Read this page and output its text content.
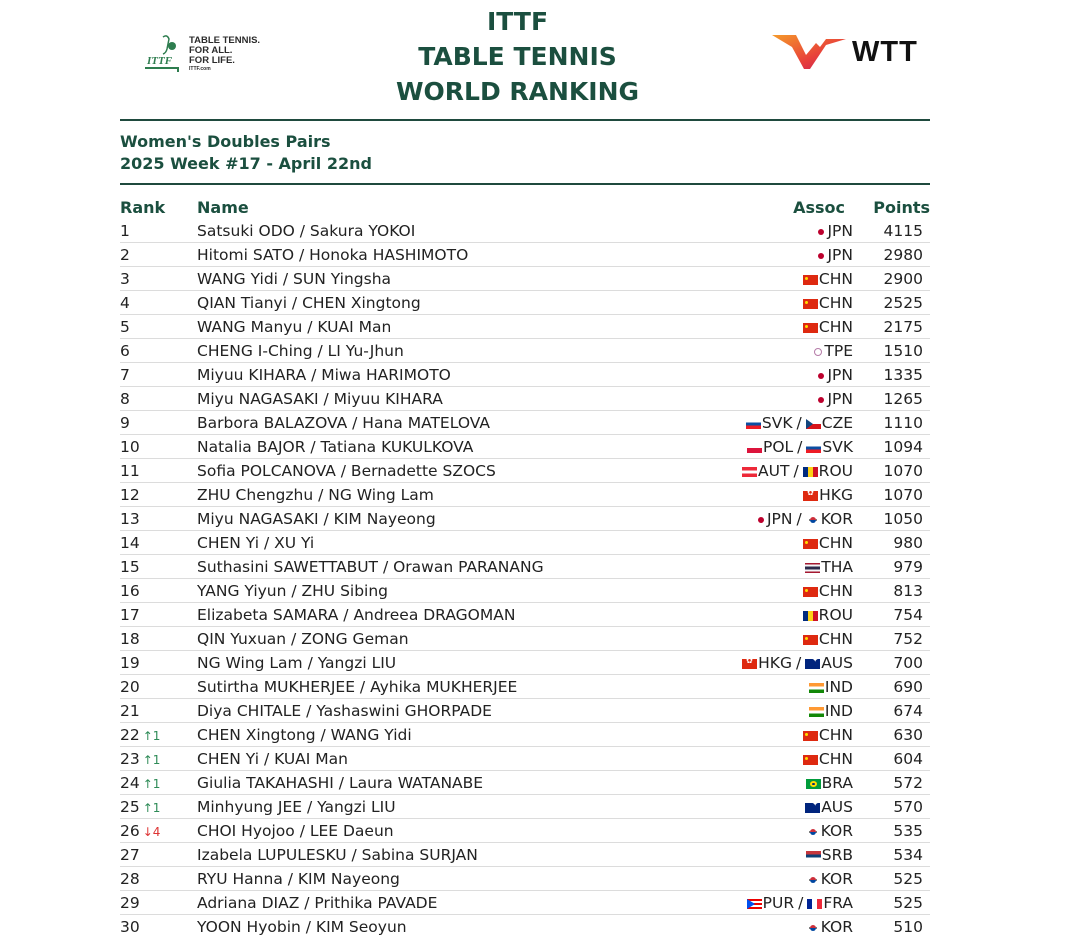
ITTF
TABLE TENNIS.
FOR ALL.
FOR LIFE.
ITTF.com
ITTF
TABLE TENNIS
WORLD RANKING
WTT
Women's Doubles Pairs
2025 Week #17 - April 22nd
Rank	Name	Assoc	Points
1	Satsuki ODO / Sakura YOKOI	JPN	4115
2	Hitomi SATO / Honoka HASHIMOTO	JPN	2980
3	WANG Yidi / SUN Yingsha	CHN	2900
4	QIAN Tianyi / CHEN Xingtong	CHN	2525
5	WANG Manyu / KUAI Man	CHN	2175
6	CHENG I-Ching / LI Yu-Jhun	TPE	1510
7	Miyuu KIHARA / Miwa HARIMOTO	JPN	1335
8	Miyu NAGASAKI / Miyuu KIHARA	JPN	1265
9	Barbora BALAZOVA / Hana MATELOVA	SVK / CZE	1110
10	Natalia BAJOR / Tatiana KUKULKOVA	POL / SVK	1094
11	Sofia POLCANOVA / Bernadette SZOCS	AUT / ROU	1070
12	ZHU Chengzhu / NG Wing Lam	✿HKG	1070
13	Miyu NAGASAKI / KIM Nayeong	JPN / KOR	1050
14	CHEN Yi / XU Yi	CHN	980
15	Suthasini SAWETTABUT / Orawan PARANANG	THA	979
16	YANG Yiyun / ZHU Sibing	CHN	813
17	Elizabeta SAMARA / Andreea DRAGOMAN	ROU	754
18	QIN Yuxuan / ZONG Geman	CHN	752
19	NG Wing Lam / Yangzi LIU	✿HKG / ✦ AUS	700
20	Sutirtha MUKHERJEE / Ayhika MUKHERJEE	IND	690
21	Diya CHITALE / Yashaswini GHORPADE	IND	674
22 ↑1	CHEN Xingtong / WANG Yidi	CHN	630
23 ↑1	CHEN Yi / KUAI Man	CHN	604
24 ↑1	Giulia TAKAHASHI / Laura WATANABE	BRA	572
25 ↑1	Minhyung JEE / Yangzi LIU	✦AUS	570
26 ↓4	CHOI Hyojoo / LEE Daeun	KOR	535
27	Izabela LUPULESKU / Sabina SURJAN	SRB	534
28	RYU Hanna / KIM Nayeong	KOR	525
29	Adriana DIAZ / Prithika PAVADE	PUR / FRA	525
30	YOON Hyobin / KIM Seoyun	KOR	510
